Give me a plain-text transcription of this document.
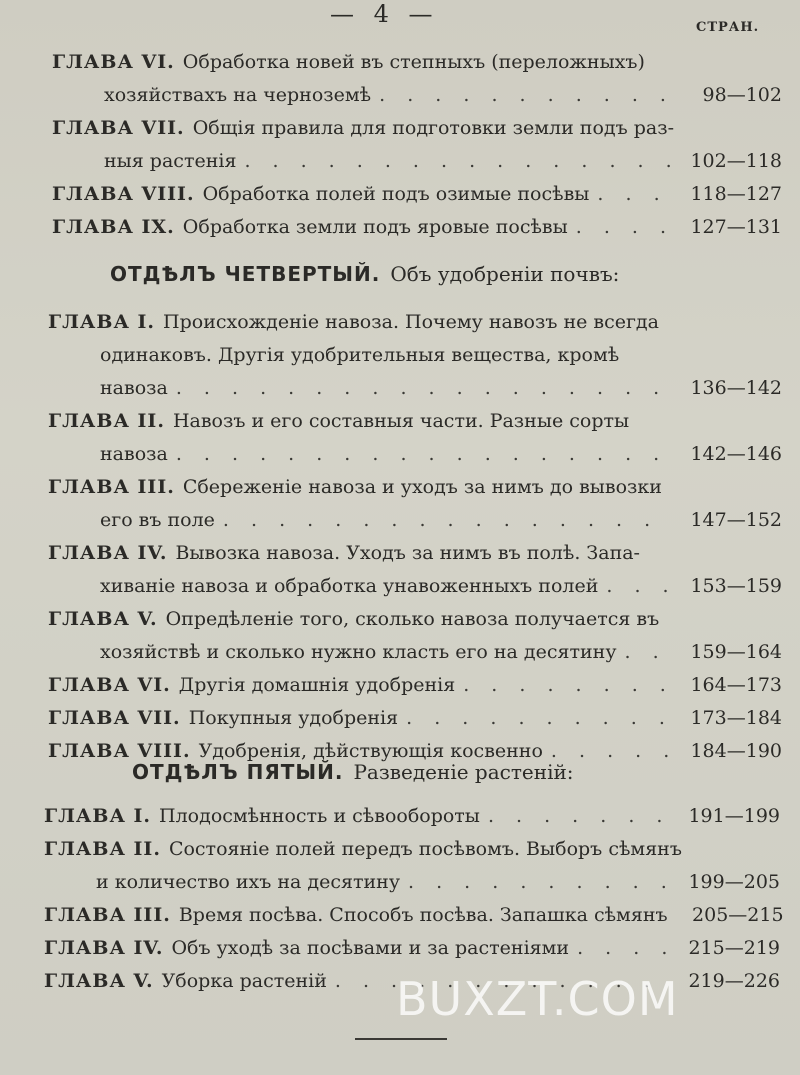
— 4 —	СТРАН.
ГЛАВА VI. Обработка новей въ степныхъ (переложныхъ)
хозяйствахъ на черноземѣ . . .	98—102
ГЛАВА VII. Общiя правила для подготовки земли подъ раз-
ныя растенiя . . .	102—118
ГЛАВА VIII. Обработка полей подъ озимые посѣвы . . .	118—127
ГЛАВА IX. Обработка земли подъ яровые посѣвы . . .	127—131
ОТДѢЛЪ ЧЕТВЕРТЫЙ. Объ удобренiи почвъ:
ГЛАВА I. Происхожденiе навоза. Почему навозъ не всегда
одинаковъ. Другiя удобрительныя вещества, кромѣ
навоза . . .	136—142
ГЛАВА II. Навозъ и его составныя части. Разные сорты
навоза . . .	142—146
ГЛАВА III. Сбереженiе навоза и уходъ за нимъ до вывозки
его въ поле . . .	147—152
ГЛАВА IV. Вывозка навоза. Уходъ за нимъ въ полѣ. Запа-
хиванiе навоза и обработка унавоженныхъ полей . . .	153—159
ГЛАВА V. Опредѣленiе того, сколько навоза получается въ
хозяйствѣ и сколько нужно класть его на десятину . . .	159—164
ГЛАВА VI. Другiя домашнiя удобренiя . . .	164—173
ГЛАВА VII. Покупныя удобренiя . . .	173—184
ГЛАВА VIII. Удобренiя, дѣйствующiя косвенно . . .	184—190
ОТДѢЛЪ ПЯТЫЙ. Разведенiе растенiй:
ГЛАВА I. Плодосмѣнность и сѣвообороты . . .	191—199
ГЛАВА II. Состоянiе полей передъ посѣвомъ. Выборъ сѣмянъ
и количество ихъ на десятину . . .	199—205
ГЛАВА III. Время посѣва. Способъ посѣва. Запашка сѣмянъ	205—215
ГЛАВА IV. Объ уходѣ за посѣвами и за растенiями . . .	215—219
ГЛАВА V. Уборка растенiй . . .	219—226
BUXZT.COM
